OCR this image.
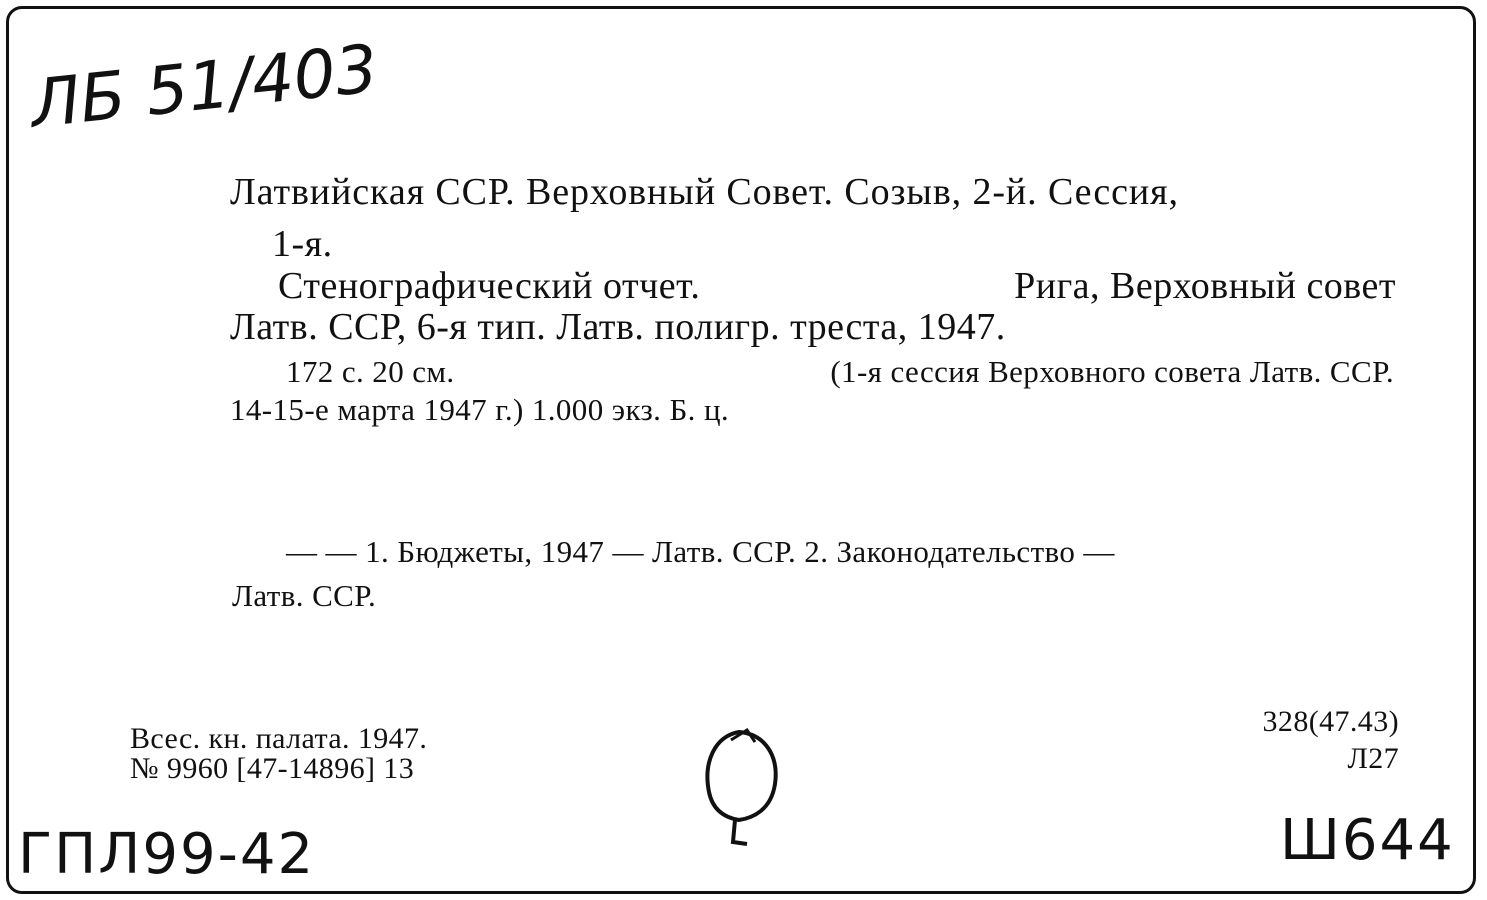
ЛБ 51/403
Латвийская ССР. Верховный Совет. Созыв, 2-й. Сессия,
1-я.
Стенографический отчет.	Рига, Верховный совет
Латв. ССР, 6-я тип. Латв. полигр. треста, 1947.
172 с. 20 см.	(1-я сессия Верховного совета Латв. ССР.
14-15-е марта 1947 г.) 1.000 экз. Б. ц.
— — 1. Бюджеты, 1947 — Латв. ССР. 2. Законодательство —
Латв. ССР.
Всес. кн. палата. 1947.
№ 9960 [47-14896] 13
328(47.43)
Л27
ГПЛ99-42	Ш644
